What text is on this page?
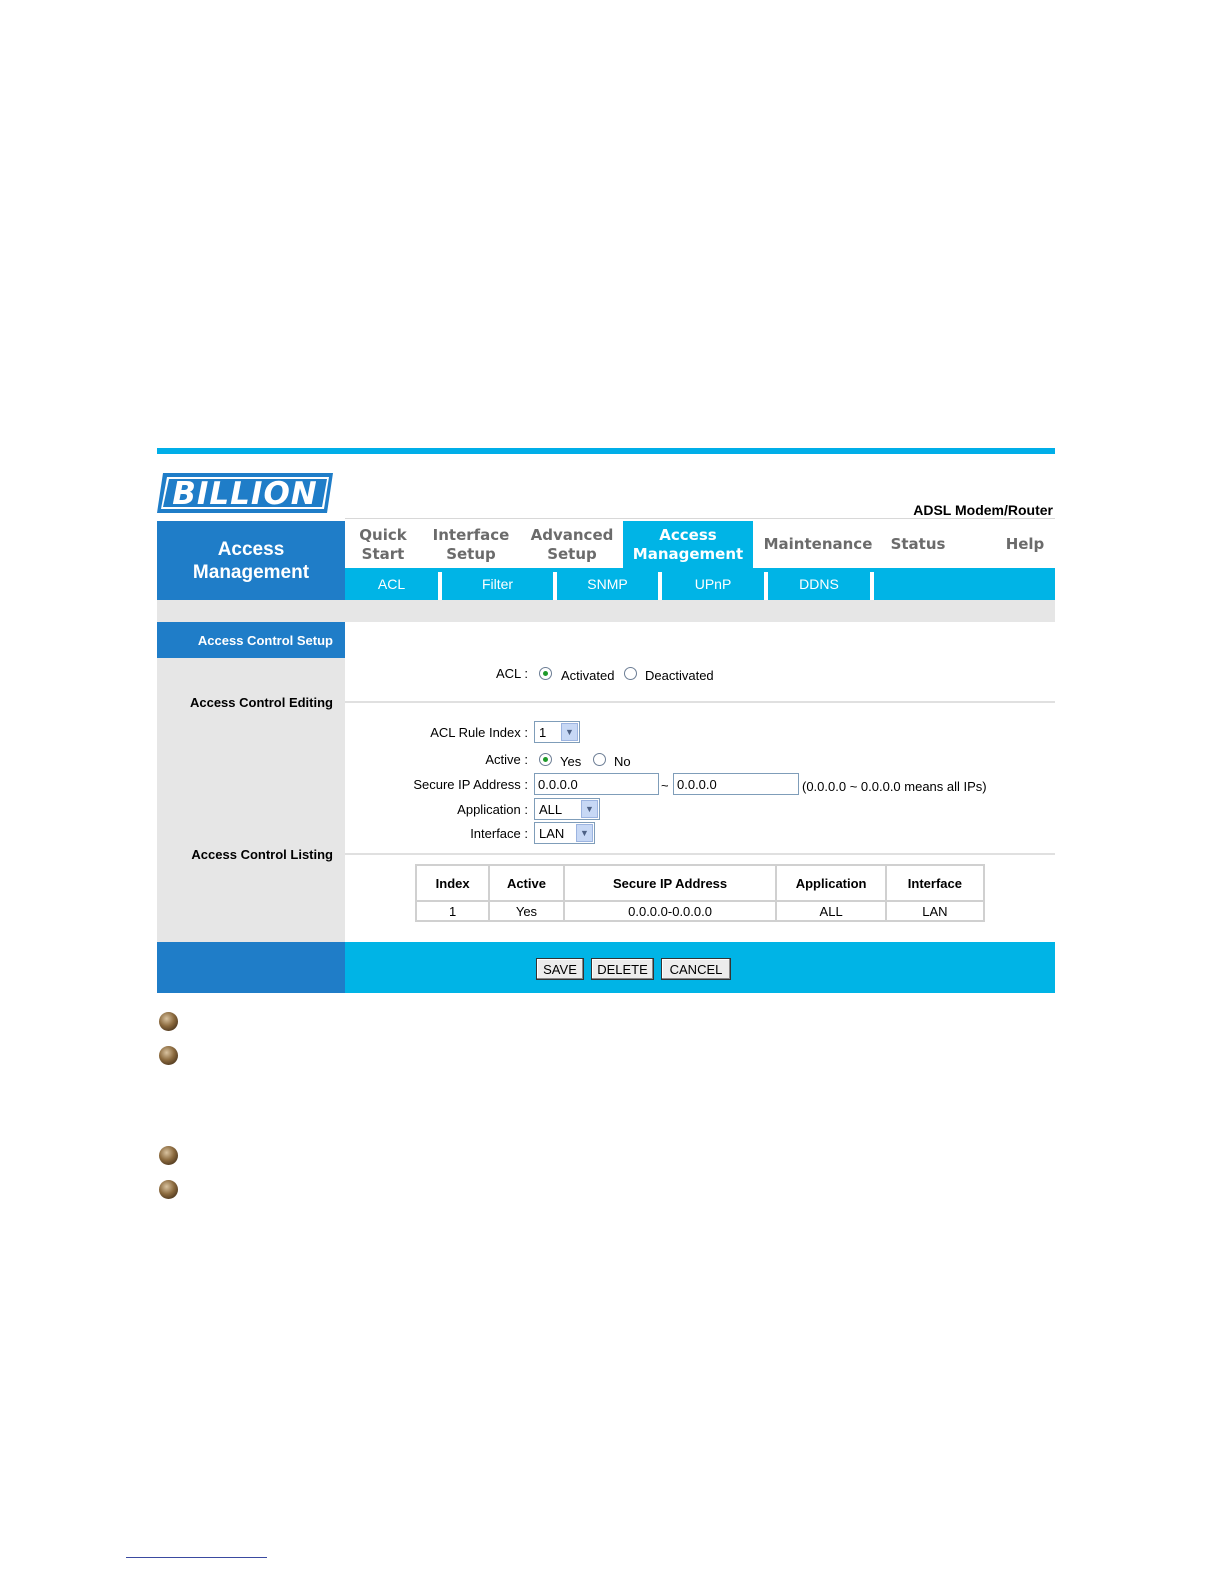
BILLION	ADSL Modem/Router
Access
Management
Quick
Start
Interface
Setup
Advanced
Setup
Access
Management
Maintenance Status	Help
ACL	Filter	SNMP	UPnP	DDNS
Access Control Setup
Access Control Editing
Access Control Listing
ACL :	Activated Deactivated
ACL Rule Index : 1	▼
Active : Yes	No
Secure IP Address :
0.0.0.0	~
0.0.0.0	(0.0.0.0 ~ 0.0.0.0 means all IPs)
Application : ALL	▼
Interface : LAN	▼
Index	Active	Secure IP Address	Application	Interface
1	Yes	0.0.0.0-0.0.0.0	ALL	LAN
SAVE	DELETE	CANCEL
